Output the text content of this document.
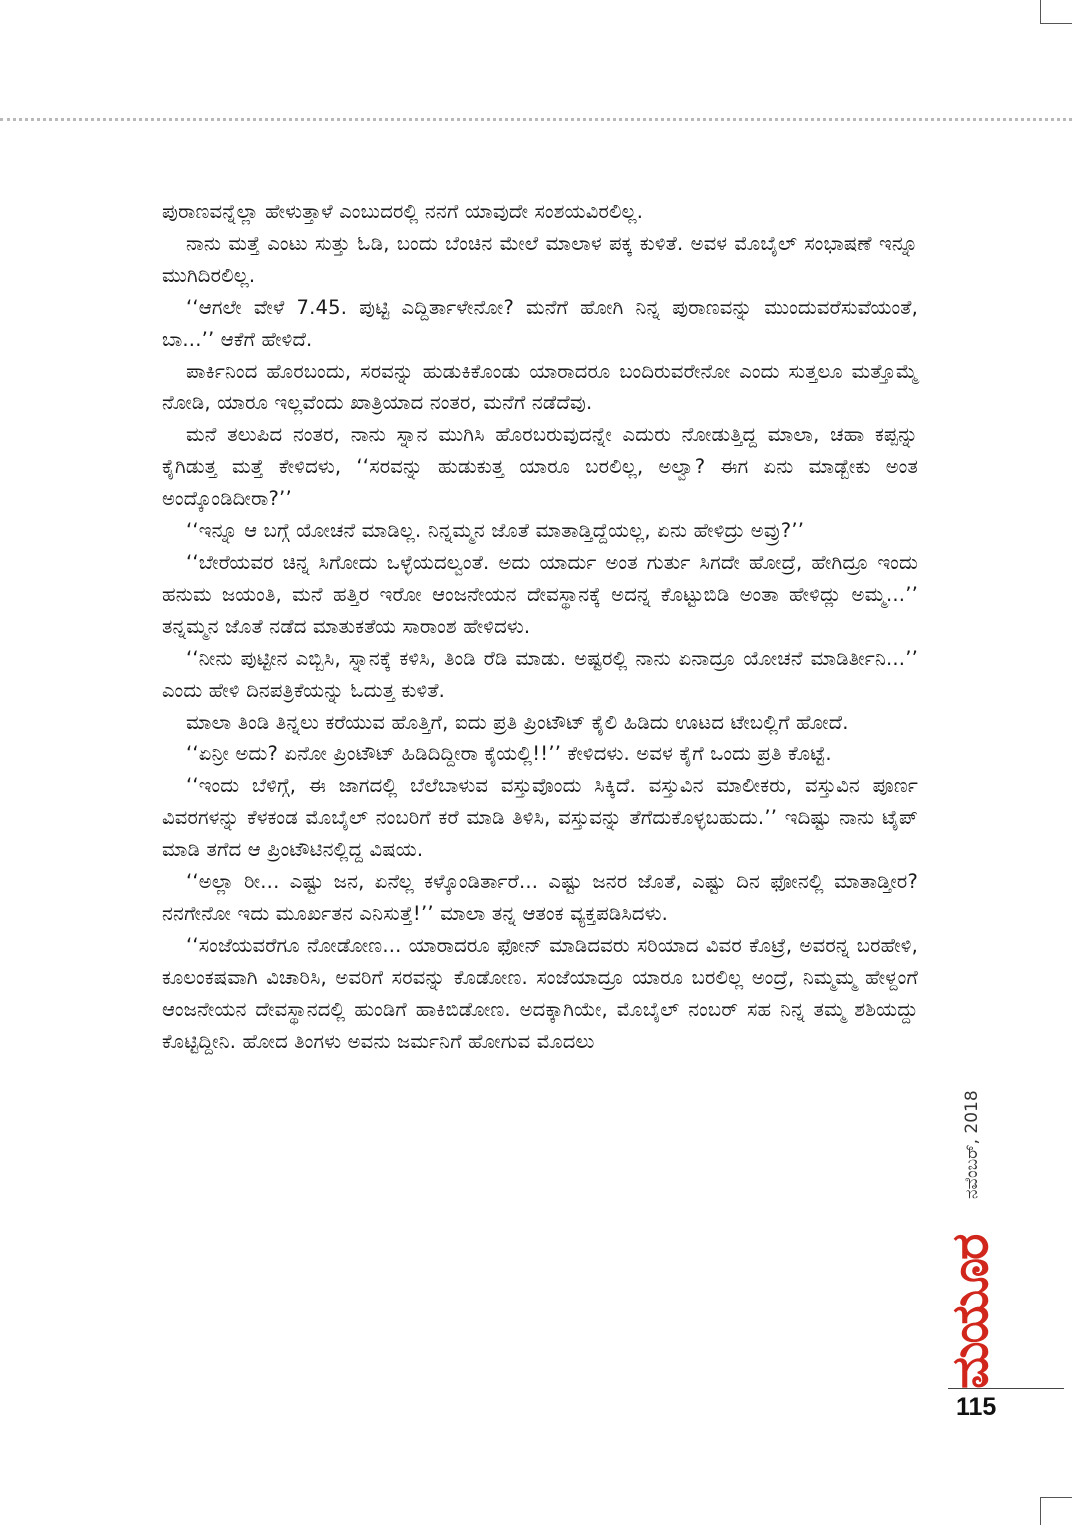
ಪುರಾಣವನ್ನೆಲ್ಲಾ ಹೇಳುತ್ತಾಳೆ ಎಂಬುದರಲ್ಲಿ ನನಗೆ ಯಾವುದೇ ಸಂಶಯವಿರಲಿಲ್ಲ.

ನಾನು ಮತ್ತೆ ಎಂಟು ಸುತ್ತು ಓಡಿ, ಬಂದು ಬೆಂಚಿನ ಮೇಲೆ ಮಾಲಾಳ ಪಕ್ಕ ಕುಳಿತೆ. ಅವಳ ಮೊಬೈಲ್ ಸಂಭಾಷಣೆ ಇನ್ನೂ ಮುಗಿದಿರಲಿಲ್ಲ.

‘‘ಆಗಲೇ ವೇಳೆ 7.45. ಪುಟ್ಟಿ ಎದ್ದಿರ್ತಾಳೇನೋ? ಮನೆಗೆ ಹೋಗಿ ನಿನ್ನ ಪುರಾಣವನ್ನು ಮುಂದುವರೆಸುವೆಯಂತೆ, ಬಾ...’’ ಆಕೆಗೆ ಹೇಳಿದೆ.

ಪಾರ್ಕಿನಿಂದ ಹೊರಬಂದು, ಸರವನ್ನು ಹುಡುಕಿಕೊಂಡು ಯಾರಾದರೂ ಬಂದಿರುವರೇನೋ ಎಂದು ಸುತ್ತಲೂ ಮತ್ತೊಮ್ಮೆ ನೋಡಿ, ಯಾರೂ ಇಲ್ಲವೆಂದು ಖಾತ್ರಿಯಾದ ನಂತರ, ಮನೆಗೆ ನಡೆದೆವು.

ಮನೆ ತಲುಪಿದ ನಂತರ, ನಾನು ಸ್ನಾನ ಮುಗಿಸಿ ಹೊರಬರುವುದನ್ನೇ ಎದುರು ನೋಡುತ್ತಿದ್ದ ಮಾಲಾ, ಚಹಾ ಕಪ್ಪನ್ನು ಕೈಗಿಡುತ್ತ ಮತ್ತೆ ಕೇಳಿದಳು, ‘‘ಸರವನ್ನು ಹುಡುಕುತ್ತ ಯಾರೂ ಬರಲಿಲ್ಲ, ಅಲ್ವಾ? ಈಗ ಏನು ಮಾಡ್ಬೇಕು ಅಂತ ಅಂದ್ಕೊಂಡಿದೀರಾ?’’

‘‘ಇನ್ನೂ ಆ ಬಗ್ಗೆ ಯೋಚನೆ ಮಾಡಿಲ್ಲ. ನಿನ್ನಮ್ಮನ ಜೊತೆ ಮಾತಾಡ್ತಿದ್ದೆಯಲ್ಲ, ಏನು ಹೇಳಿದ್ರು ಅವ್ರು?’’

‘‘ಬೇರೆಯವರ ಚಿನ್ನ ಸಿಗೋದು ಒಳ್ಳೆಯದಲ್ವಂತೆ. ಅದು ಯಾರ್ದು ಅಂತ ಗುರ್ತು ಸಿಗದೇ ಹೋದ್ರೆ, ಹೇಗಿದ್ರೂ ಇಂದು ಹನುಮ ಜಯಂತಿ, ಮನೆ ಹತ್ತಿರ ಇರೋ ಆಂಜನೇಯನ ದೇವಸ್ಥಾನಕ್ಕೆ ಅದನ್ನ ಕೊಟ್ಟುಬಿಡಿ ಅಂತಾ ಹೇಳಿದ್ಲು ಅಮ್ಮ...’’ ತನ್ನಮ್ಮನ ಜೊತೆ ನಡೆದ ಮಾತುಕತೆಯ ಸಾರಾಂಶ ಹೇಳಿದಳು.

‘‘ನೀನು ಪುಟ್ಟೀನ ಎಬ್ಬಿಸಿ, ಸ್ನಾನಕ್ಕೆ ಕಳಿಸಿ, ತಿಂಡಿ ರೆಡಿ ಮಾಡು. ಅಷ್ಟರಲ್ಲಿ ನಾನು ಏನಾದ್ರೂ ಯೋಚನೆ ಮಾಡಿರ್ತೀನಿ...’’ ಎಂದು ಹೇಳಿ ದಿನಪತ್ರಿಕೆಯನ್ನು ಓದುತ್ತ ಕುಳಿತೆ.

ಮಾಲಾ ತಿಂಡಿ ತಿನ್ನಲು ಕರೆಯುವ ಹೊತ್ತಿಗೆ, ಐದು ಪ್ರತಿ ಪ್ರಿಂಟೌಟ್ ಕೈಲಿ ಹಿಡಿದು ಊಟದ ಟೇಬಲ್ಲಿಗೆ ಹೋದೆ.

‘‘ಏನ್ರೀ ಅದು? ಏನೋ ಪ್ರಿಂಟೌಟ್ ಹಿಡಿದಿದ್ದೀರಾ ಕೈಯಲ್ಲಿ!!’’ ಕೇಳಿದಳು. ಅವಳ ಕೈಗೆ ಒಂದು ಪ್ರತಿ ಕೊಟ್ಟೆ.

‘‘ಇಂದು ಬೆಳಿಗ್ಗೆ, ಈ ಜಾಗದಲ್ಲಿ ಬೆಲೆಬಾಳುವ ವಸ್ತುವೊಂದು ಸಿಕ್ಕಿದೆ. ವಸ್ತುವಿನ ಮಾಲೀಕರು, ವಸ್ತುವಿನ ಪೂರ್ಣ ವಿವರಗಳನ್ನು ಕೆಳಕಂಡ ಮೊಬೈಲ್ ನಂಬರಿಗೆ ಕರೆ ಮಾಡಿ ತಿಳಿಸಿ, ವಸ್ತುವನ್ನು ತೆಗೆದುಕೊಳ್ಳಬಹುದು.’’ ಇದಿಷ್ಟು ನಾನು ಟೈಪ್ ಮಾಡಿ ತಗೆದ ಆ ಪ್ರಿಂಟೌಟಿನಲ್ಲಿದ್ದ ವಿಷಯ.

‘‘ಅಲ್ಲಾ ರೀ... ಎಷ್ಟು ಜನ, ಏನೆಲ್ಲ ಕಳ್ಕೊಂಡಿರ್ತಾರೆ... ಎಷ್ಟು ಜನರ ಜೊತೆ, ಎಷ್ಟು ದಿನ ಫೋನಲ್ಲಿ ಮಾತಾಡ್ತೀರ? ನನಗೇನೋ ಇದು ಮೂರ್ಖತನ ಎನಿಸುತ್ತೆ!’’ ಮಾಲಾ ತನ್ನ ಆತಂಕ ವ್ಯಕ್ತಪಡಿಸಿದಳು.

‘‘ಸಂಜೆಯವರೆಗೂ ನೋಡೋಣ... ಯಾರಾದರೂ ಫೋನ್ ಮಾಡಿದವರು ಸರಿಯಾದ ವಿವರ ಕೊಟ್ರೆ, ಅವರನ್ನ ಬರಹೇಳಿ, ಕೂಲಂಕಷವಾಗಿ ವಿಚಾರಿಸಿ, ಅವರಿಗೆ ಸರವನ್ನು ಕೊಡೋಣ. ಸಂಜೆಯಾದ್ರೂ ಯಾರೂ ಬರಲಿಲ್ಲ ಅಂದ್ರೆ, ನಿಮ್ಮಮ್ಮ ಹೇಳ್ದಂಗೆ ಆಂಜನೇಯನ ದೇವಸ್ಥಾನದಲ್ಲಿ ಹುಂಡಿಗೆ ಹಾಕಿಬಿಡೋಣ. ಅದಕ್ಕಾಗಿಯೇ, ಮೊಬೈಲ್ ನಂಬರ್ ಸಹ ನಿನ್ನ ತಮ್ಮ ಶಶಿಯದ್ದು ಕೊಟ್ಟಿದ್ದೀನಿ. ಹೋದ ತಿಂಗಳು ಅವನು ಜರ್ಮನಿಗೆ ಹೋಗುವ ಮೊದಲು

ನವೆಂಬರ್, 2018
ಮಯೂರ
115
